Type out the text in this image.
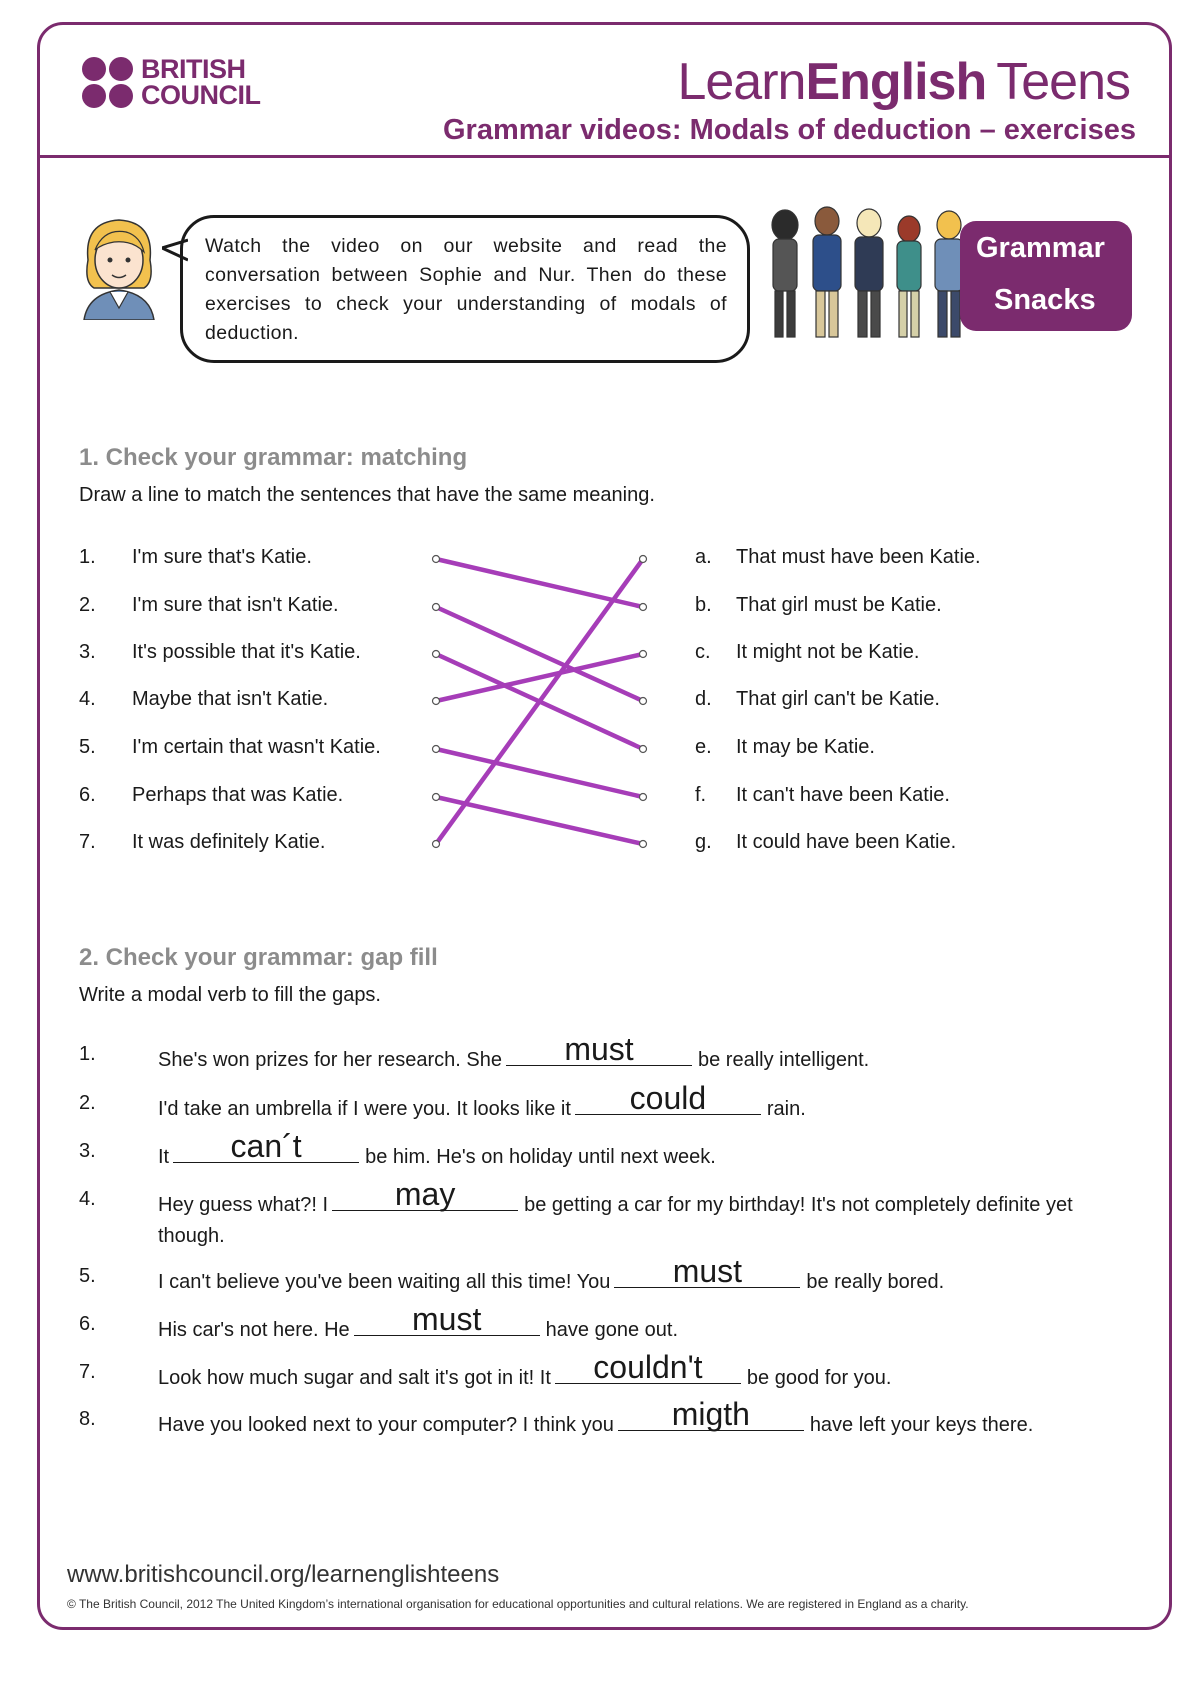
BRITISH
COUNCIL	LearnEnglish Teens
Grammar videos: Modals of deduction – exercises
Watch the video on our website and read the conversation between Sophie and Nur. Then do these exercises to check your understanding of modals of deduction.
Grammar
Snacks
1. Check your grammar: matching
Draw a line to match the sentences that have the same meaning.
1. I'm sure that's Katie.
2. I'm sure that isn't Katie.
3. It's possible that it's Katie.
4. Maybe that isn't Katie.
5. I'm certain that wasn't Katie.
6. Perhaps that was Katie.
7. It was definitely Katie.
a. That must have been Katie.
b. That girl must be Katie.
c. It might not be Katie.
d. That girl can't be Katie.
e. It may be Katie.
f. It can't have been Katie.
g. It could have been Katie.
2. Check your grammar: gap fill
Write a modal verb to fill the gaps.
1.	She's won prizes for her research. She	must	be really intelligent.
2.	I'd take an umbrella if I were you. It looks like it	could	rain.
3.	It	can´t	be him. He's on holiday until next week.
4.	Hey guess what?! I	may	be getting a car for my birthday! It's not completely definite yet though.
5.	I can't believe you've been waiting all this time! You	must	be really bored.
6.	His car's not here. He	must	have gone out.
7.	Look how much sugar and salt it's got in it! It	couldn't	be good for you.
8.	Have you looked next to your computer? I think you	migth	have left your keys there.
www.britishcouncil.org/learnenglishteens
© The British Council, 2012 The United Kingdom’s international organisation for educational opportunities and cultural relations. We are registered in England as a charity.
